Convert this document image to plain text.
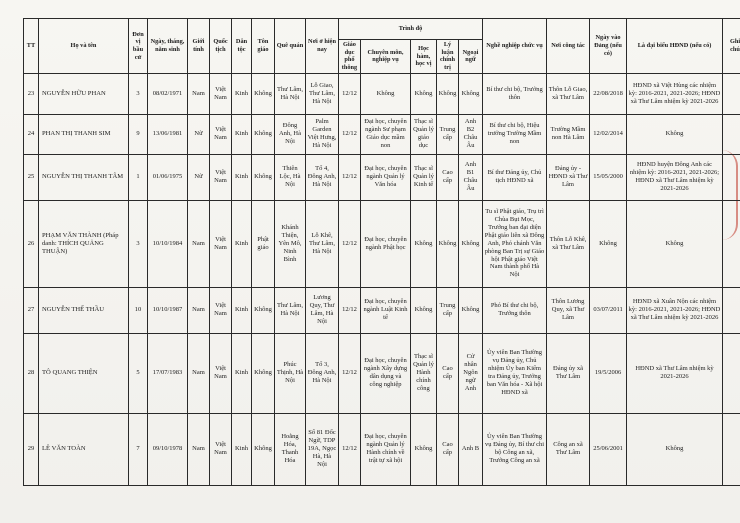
TT	Họ và tên	Đơn vị bầu cử	Ngày, tháng, năm sinh	Giới tính	Quốc tịch	Dân tộc	Tôn giáo	Quê quán	Nơi ở hiện nay	Trình độ					Nghề nghiệp chức vụ	Nơi công tác	Ngày vào Đảng (nếu có)	Là đại biểu HĐND (nếu có)	Ghi chú
										Giáo dục phổ thông	Chuyên môn, nghiệp vụ	Học hàm, học vị	Lý luận chính trị	Ngoại ngữ					
23	NGUYỄN HỮU PHAN	3	08/02/1971	Nam	Việt Nam	Kinh	Không	Thư Lâm, Hà Nội	Lỗ Giao, Thư Lâm, Hà Nội	12/12	Không	Không	Không	Không	Bí thư chi bộ, Trưởng thôn	Thôn Lỗ Giao, xã Thư Lâm	22/08/2018	HĐND xã Việt Hùng các nhiệm kỳ: 2016-2021, 2021-2026; HĐND xã Thư Lâm nhiệm kỳ 2021-2026	
24	PHAN THỊ THANH SIM	9	13/06/1981	Nữ	Việt Nam	Kinh	Không	Đông Anh, Hà Nội	Palm Garden Việt Hưng, Hà Nội	12/12	Đại học, chuyên ngành Sư phạm Giáo dục mầm non	Thạc sĩ Quản lý giáo dục	Trung cấp	Anh B2 Châu Âu	Bí thư chi bộ, Hiệu trưởng Trường Mầm non	Trường Mầm non Hà Lâm	12/02/2014	Không	
25	NGUYỄN THỊ THANH TÂM	1	01/06/1975	Nữ	Việt Nam	Kinh	Không	Thiên Lộc, Hà Nội	Tổ 4, Đông Anh, Hà Nội	12/12	Đại học, chuyên ngành Quản lý Văn hóa	Thạc sĩ Quản lý Kinh tế	Cao cấp	Anh B1 Châu Âu	Bí thư Đảng ủy, Chủ tịch HĐND xã	Đảng ủy - HĐND xã Thư Lâm	15/05/2000	HĐND huyện Đông Anh các nhiệm kỳ: 2016-2021, 2021-2026; HĐND xã Thư Lâm nhiệm kỳ 2021-2026	
26	PHẠM VĂN THÀNH (Pháp danh: THÍCH QUẢNG THUẬN)	3	10/10/1984	Nam	Việt Nam	Kinh	Phật giáo	Khánh Thiện, Yên Mô, Ninh Bình	Lỗ Khê, Thư Lâm, Hà Nội	12/12	Đại học, chuyên ngành Phật học	Không	Không	Không	Tu sĩ Phật giáo, Trụ trì Chùa Bụt Mọc, Trưởng ban đại diện Phật giáo liên xã Đông Anh, Phó chánh Văn phòng Ban Trị sự Giáo hội Phật giáo Việt Nam thành phố Hà Nội	Thôn Lỗ Khê, xã Thư Lâm	Không	Không	
27	NGUYỄN THẾ THẦU	10	10/10/1987	Nam	Việt Nam	Kinh	Không	Thư Lâm, Hà Nội	Lương Quy, Thư Lâm, Hà Nội	12/12	Đại học, chuyên ngành Luật Kinh tế	Không	Trung cấp	Không	Phó Bí thư chi bộ, Trưởng thôn	Thôn Lương Quy, xã Thư Lâm	03/07/2011	HĐND xã Xuân Nộn các nhiệm kỳ: 2016-2021, 2021-2026; HĐND xã Thư Lâm nhiệm kỳ 2021-2026	
28	TÔ QUANG THIỆN	5	17/07/1983	Nam	Việt Nam	Kinh	Không	Phúc Thịnh, Hà Nội	Tổ 3, Đông Anh, Hà Nội	12/12	Đại học, chuyên ngành Xây dựng dân dụng và công nghiệp	Thạc sĩ Quản lý Hành chính công	Cao cấp	Cử nhân Ngôn ngữ Anh	Ủy viên Ban Thường vụ Đảng ủy, Chủ nhiệm Ủy ban Kiểm tra Đảng ủy, Trưởng ban Văn hóa - Xã hội HĐND xã	Đảng ủy xã Thư Lâm	19/5/2006	HĐND xã Thư Lâm nhiệm kỳ 2021-2026	
29	LÊ VĂN TOÀN	7	09/10/1978	Nam	Việt Nam	Kinh	Không	Hoằng Hóa, Thanh Hóa	Số 81 Đốc Ngữ, TDP 19A, Ngọc Hà, Hà Nội	12/12	Đại học, chuyên ngành Quản lý Hành chính về trật tự xã hội	Không	Cao cấp	Anh B	Ủy viên Ban Thường vụ Đảng ủy, Bí thư chi bộ Công an xã, Trưởng Công an xã	Công an xã Thư Lâm	25/06/2001	Không	
